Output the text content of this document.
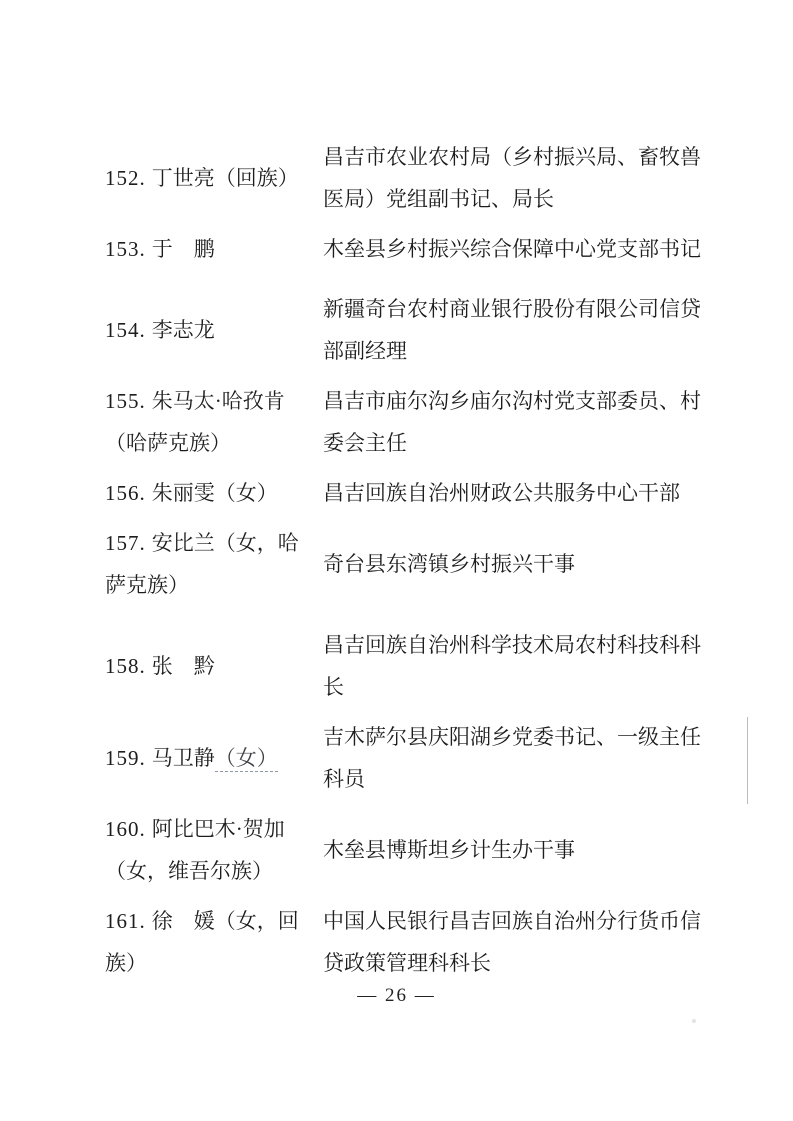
152. 丁世亮（回族）
昌吉市农业农村局（乡村振兴局、畜牧兽医局）党组副书记、局长
153. 于　鹏	木垒县乡村振兴综合保障中心党支部书记
154. 李志龙
新疆奇台农村商业银行股份有限公司信贷部副经理
155. 朱马太·哈孜肯（哈萨克族）
昌吉市庙尔沟乡庙尔沟村党支部委员、村委会主任
156. 朱丽雯（女）	昌吉回族自治州财政公共服务中心干部
157. 安比兰（女，哈萨克族）
奇台县东湾镇乡村振兴干事
158. 张　黔
昌吉回族自治州科学技术局农村科技科科长
159. 马卫静（女）
吉木萨尔县庆阳湖乡党委书记、一级主任科员
160. 阿比巴木·贺加（女，维吾尔族）
木垒县博斯坦乡计生办干事
161. 徐　媛（女，回族）
中国人民银行昌吉回族自治州分行货币信贷政策管理科科长
— 26 —
